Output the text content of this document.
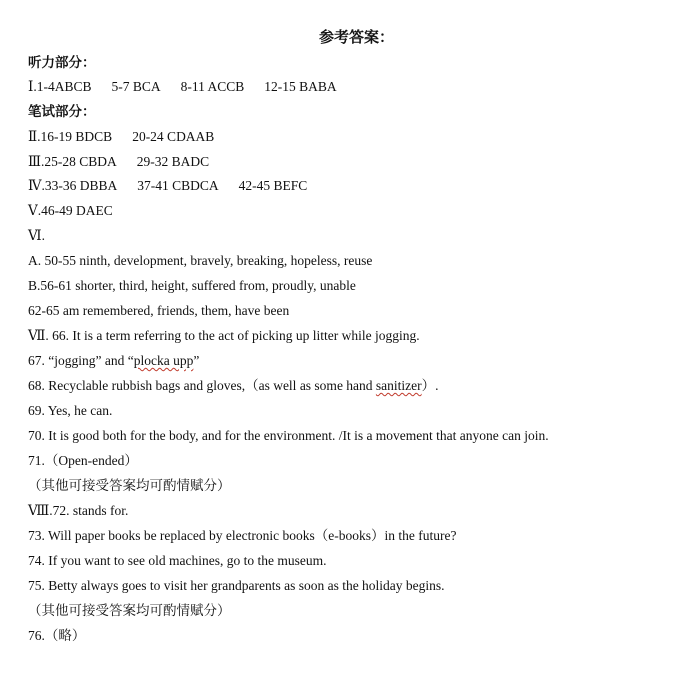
参考答案：
听力部分：
Ⅰ.1-4ABCB 5-7 BCA 8-11 ACCB 12-15 BABA
笔试部分：
Ⅱ.16-19 BDCB 20-24 CDAAB
Ⅲ.25-28 CBDA 29-32 BADC
Ⅳ.33-36 DBBA 37-41 CBDCA 42-45 BEFC
Ⅴ.46-49 DAEC
Ⅵ.
A. 50-55 ninth, development, bravely, breaking, hopeless, reuse
B.56-61 shorter, third, height, suffered from, proudly, unable
62-65 am remembered, friends, them, have been
Ⅶ. 66. It is a term referring to the act of picking up litter while jogging.
67. “jogging” and “plocka upp”
68. Recyclable rubbish bags and gloves,（as well as some hand sanitizer）.
69. Yes, he can.
70. It is good both for the body, and for the environment. /It is a movement that anyone can join.
71.（Open-ended）
（其他可接受答案均可酌情赋分）
Ⅷ.72. stands for.
73. Will paper books be replaced by electronic books（e-books）in the future?
74. If you want to see old machines, go to the museum.
75. Betty always goes to visit her grandparents as soon as the holiday begins.
（其他可接受答案均可酌情赋分）
76.（略）
